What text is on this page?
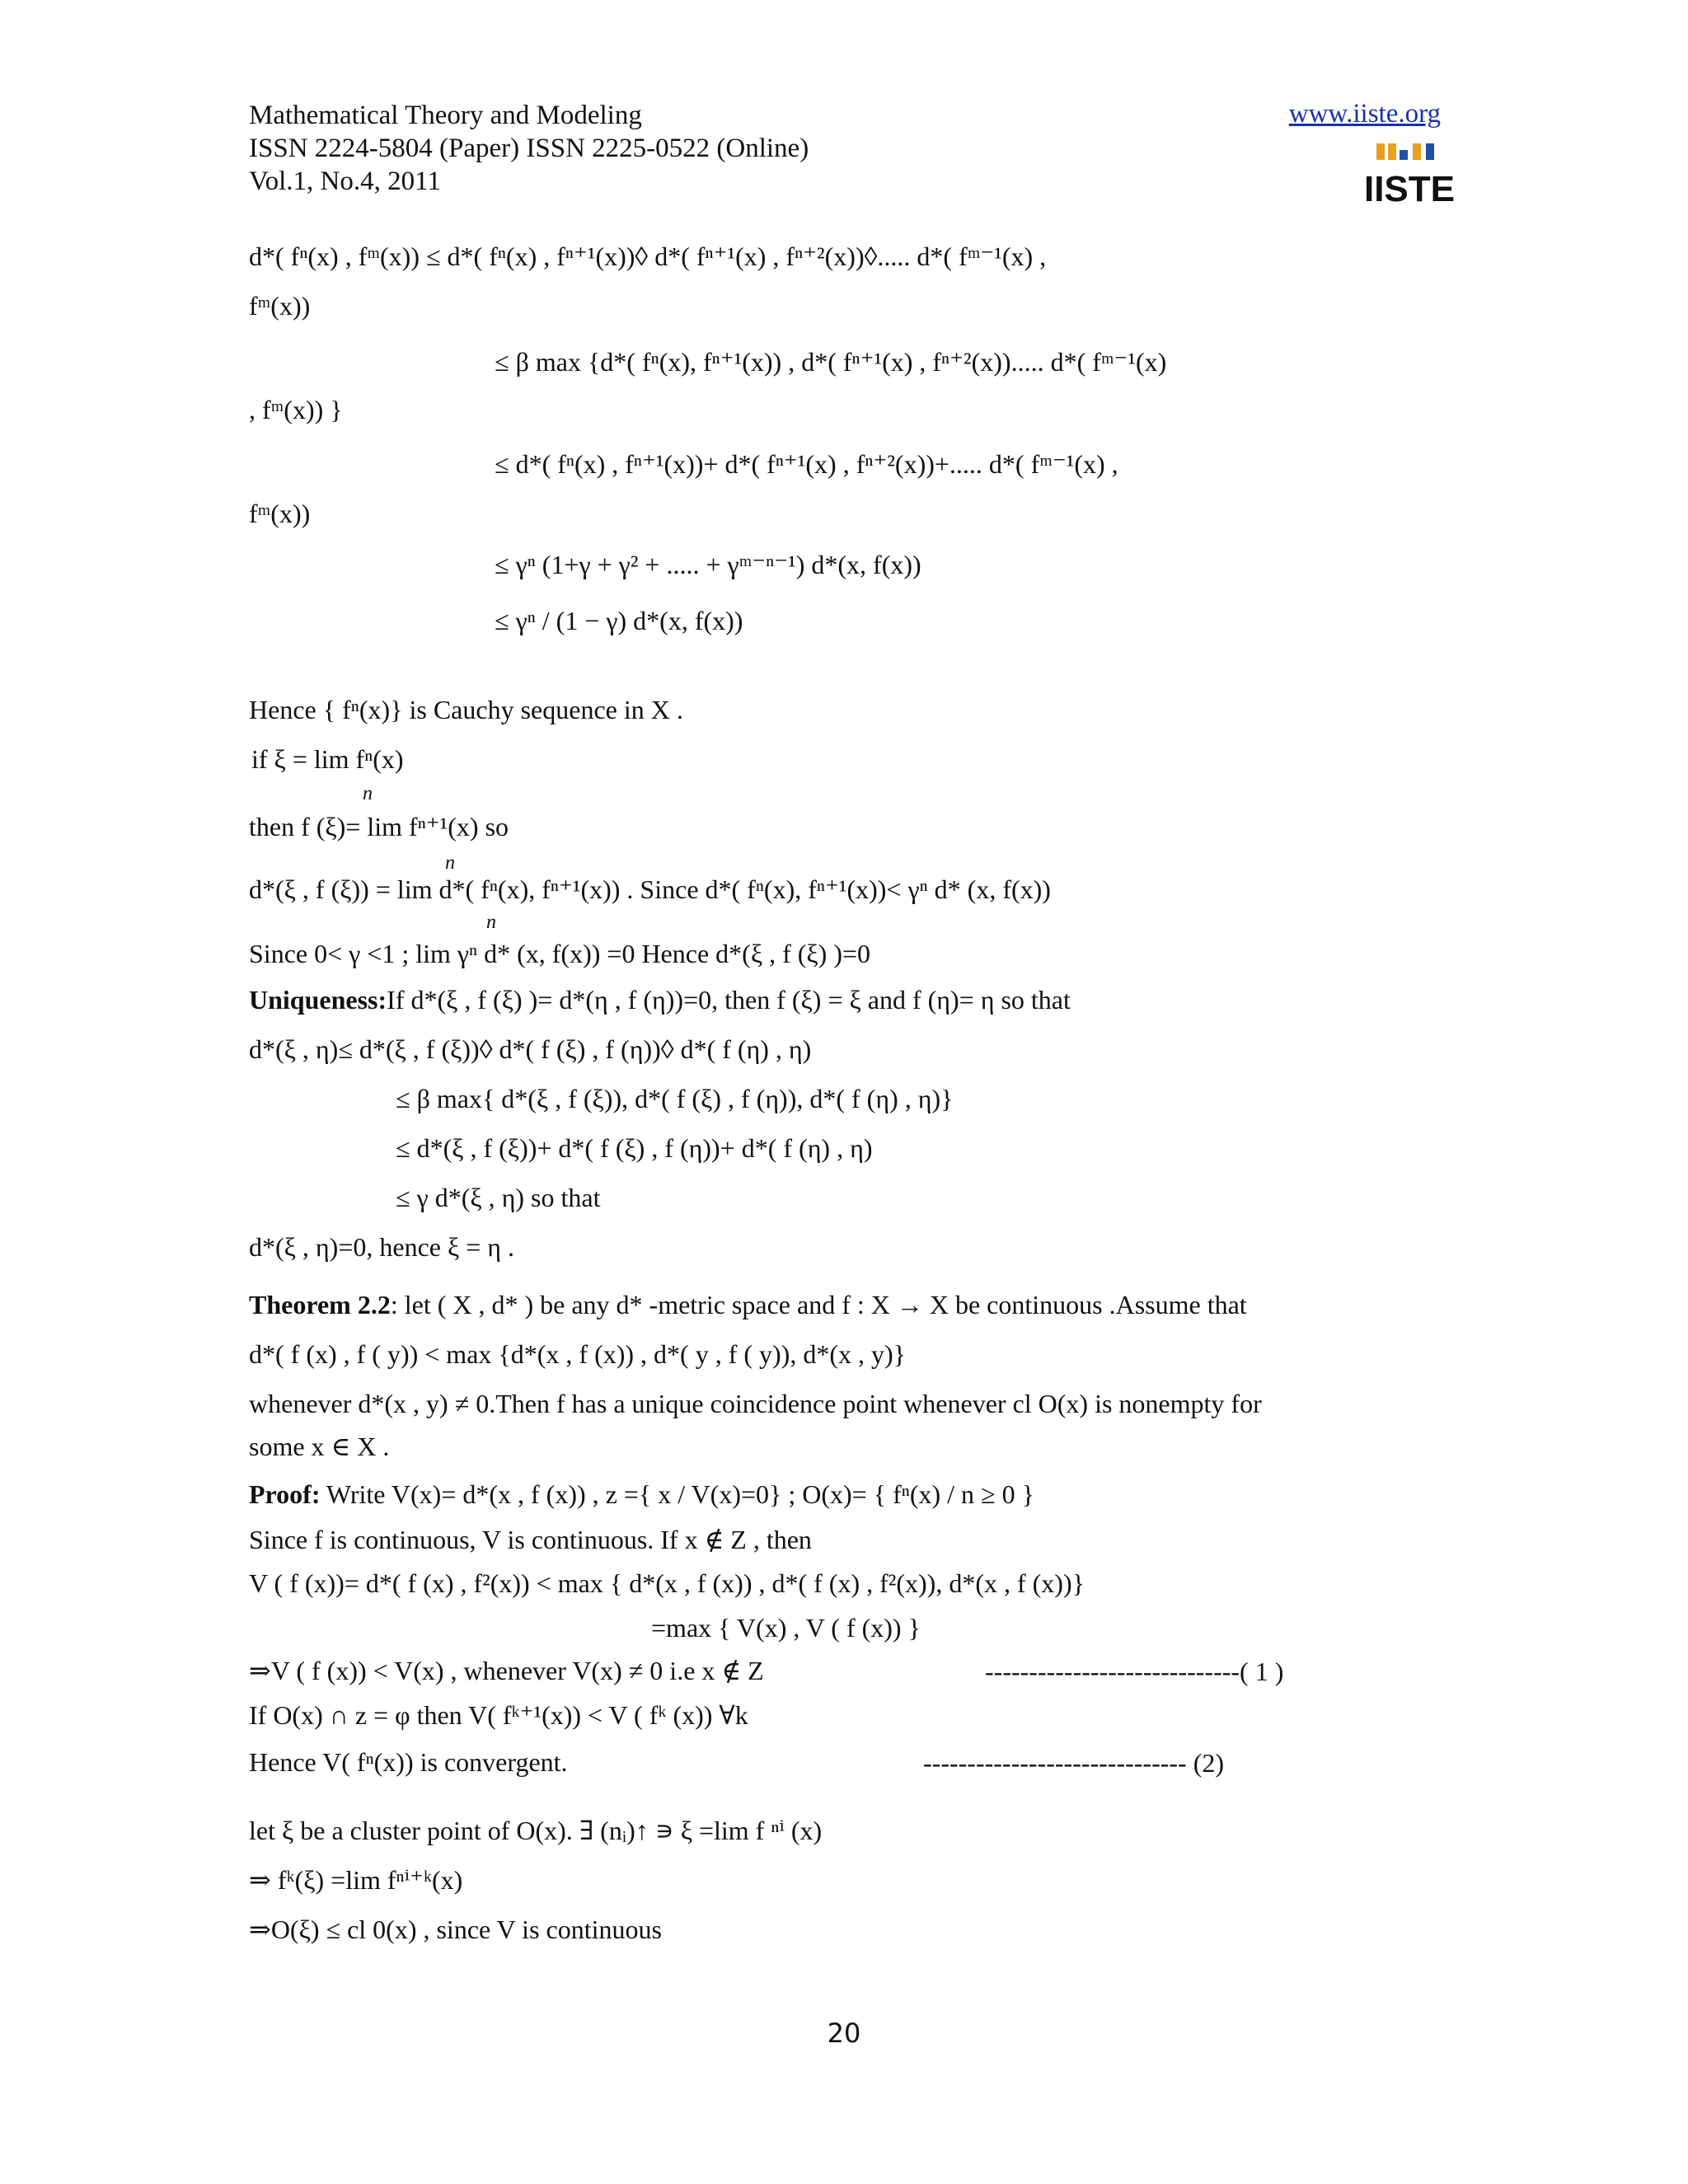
Mathematical Theory and Modeling
ISSN 2224-5804 (Paper) ISSN 2225-0522 (Online)
Vol.1, No.4, 2011
www.iiste.org
IISTE
d*( fⁿ(x) , fᵐ(x)) ≤ d*( fⁿ(x) , fⁿ⁺¹(x))◊ d*( fⁿ⁺¹(x) , fⁿ⁺²(x))◊..... d*( fᵐ⁻¹(x) ,
fᵐ(x))
≤ β max {d*( fⁿ(x), fⁿ⁺¹(x)) , d*( fⁿ⁺¹(x) , fⁿ⁺²(x))..... d*( fᵐ⁻¹(x)
, fᵐ(x)) }
≤ d*( fⁿ(x) , fⁿ⁺¹(x))+ d*( fⁿ⁺¹(x) , fⁿ⁺²(x))+..... d*( fᵐ⁻¹(x) ,
fᵐ(x))
≤ γⁿ (1+γ + γ² + ..... + γᵐ⁻ⁿ⁻¹) d*(x, f(x))
≤ γⁿ / (1 − γ) d*(x, f(x))
Hence { fⁿ(x)} is Cauchy sequence in X .
if ξ = lim fⁿ(x)
n
then f (ξ)= lim fⁿ⁺¹(x) so
n
d*(ξ , f (ξ)) = lim d*( fⁿ(x), fⁿ⁺¹(x)) . Since d*( fⁿ(x), fⁿ⁺¹(x))< γⁿ d* (x, f(x))
n
Since 0< γ <1 ; lim γⁿ d* (x, f(x)) =0 Hence d*(ξ , f (ξ) )=0
Uniqueness:If d*(ξ , f (ξ) )= d*(η , f (η))=0, then f (ξ) = ξ and f (η)= η so that
d*(ξ , η)≤ d*(ξ , f (ξ))◊ d*( f (ξ) , f (η))◊ d*( f (η) , η)
≤ β max{ d*(ξ , f (ξ)), d*( f (ξ) , f (η)), d*( f (η) , η)}
≤ d*(ξ , f (ξ))+ d*( f (ξ) , f (η))+ d*( f (η) , η)
≤ γ d*(ξ , η) so that
d*(ξ , η)=0, hence ξ = η .
Theorem 2.2: let ( X , d* ) be any d* -metric space and f : X → X be continuous .Assume that
d*( f (x) , f ( y)) < max {d*(x , f (x)) , d*( y , f ( y)), d*(x , y)}
whenever d*(x , y) ≠ 0.Then f has a unique coincidence point whenever cl O(x) is nonempty for
some x ∈ X .
Proof: Write V(x)= d*(x , f (x)) , z ={ x / V(x)=0} ; O(x)= { fⁿ(x) / n ≥ 0 }
Since f is continuous, V is continuous. If x ∉ Z , then
V ( f (x))= d*( f (x) , f²(x)) < max { d*(x , f (x)) , d*( f (x) , f²(x)), d*(x , f (x))}
=max { V(x) , V ( f (x)) }
⇒V ( f (x)) < V(x) , whenever V(x) ≠ 0 i.e x ∉ Z	-----------------------------( 1 )
If O(x) ∩ z = φ then V( fᵏ⁺¹(x)) < V ( fᵏ (x)) ∀k
Hence V( fⁿ(x)) is convergent.	------------------------------ (2)
let ξ be a cluster point of O(x). ∃ (nᵢ)↑ ∍ ξ =lim f ⁿⁱ (x)
⇒ fᵏ(ξ) =lim fⁿⁱ⁺ᵏ(x)
⇒O(ξ) ≤ cl 0(x) , since V is continuous
20
